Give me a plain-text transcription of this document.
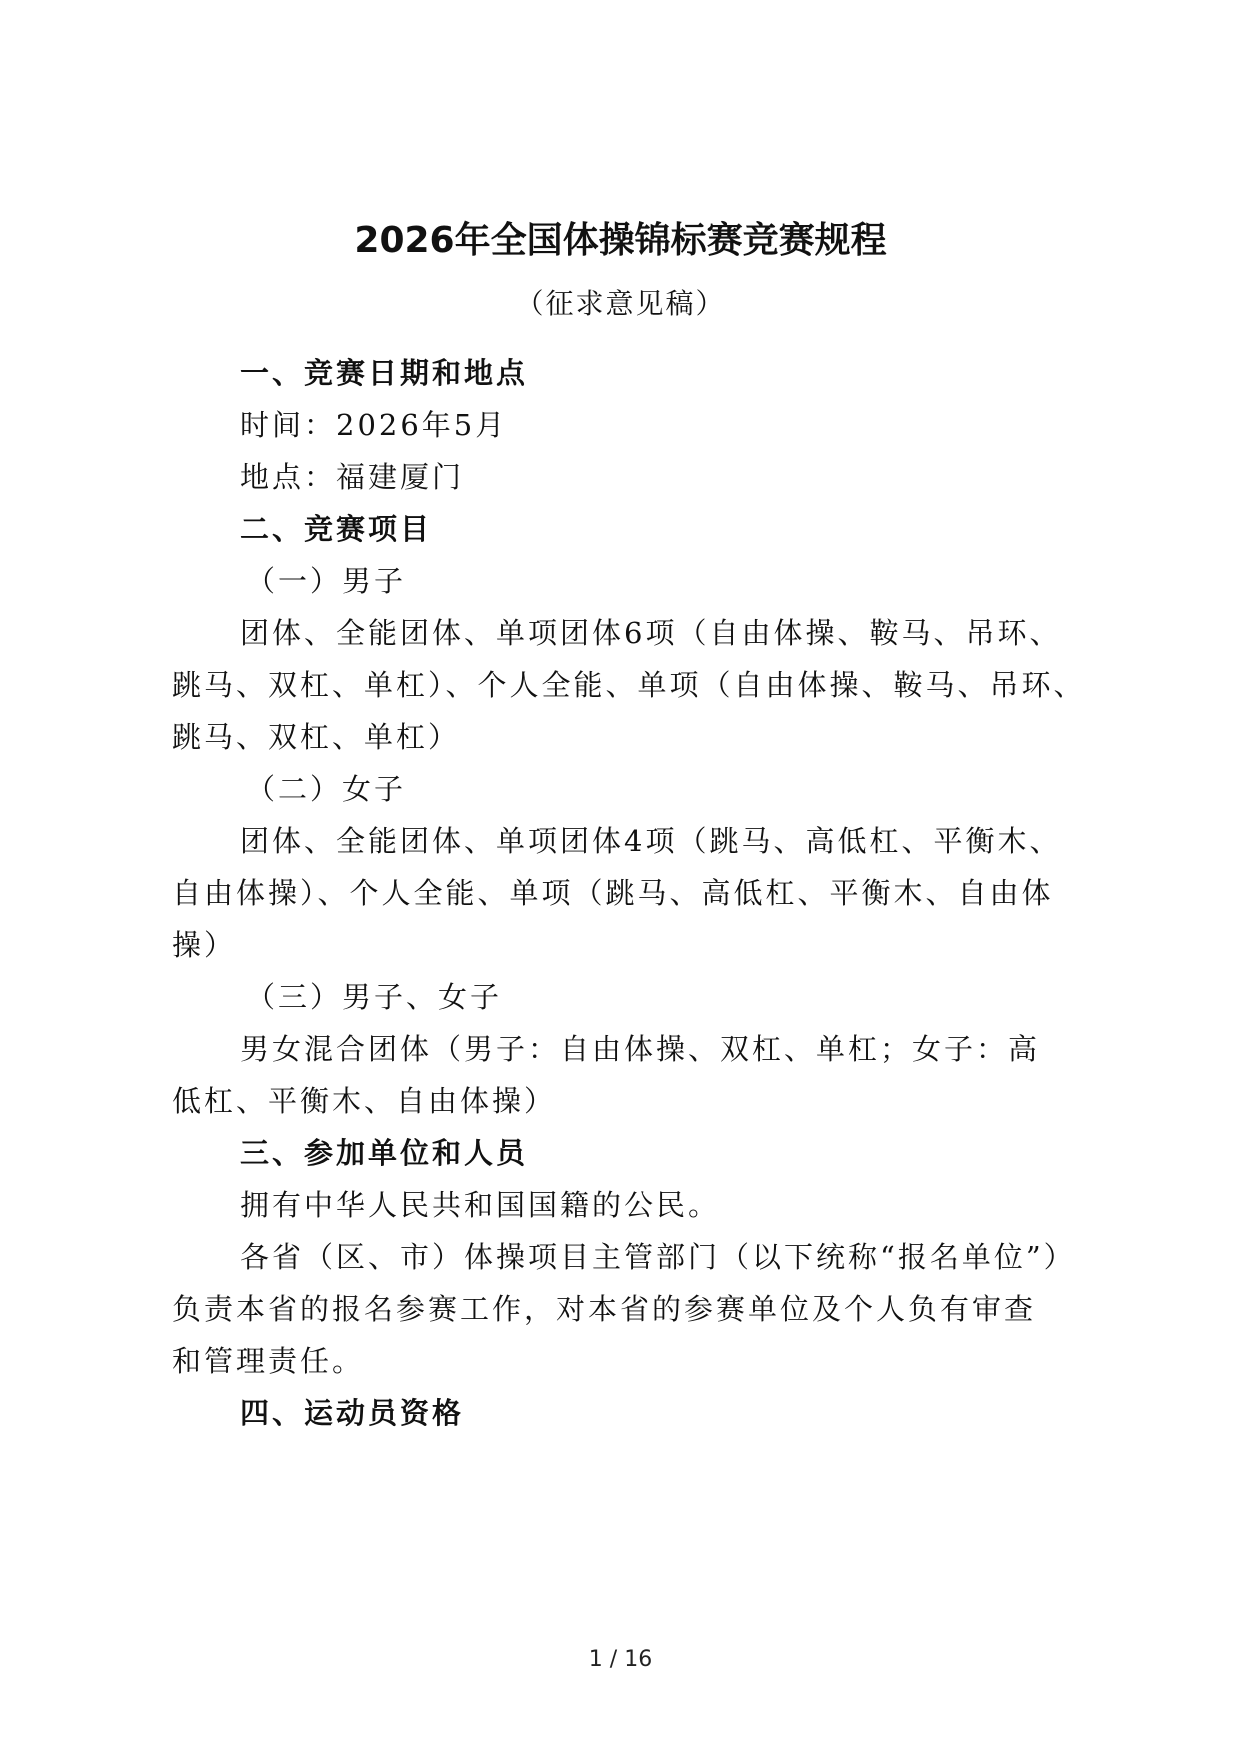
2026年全国体操锦标赛竞赛规程
（征求意见稿）
一、竞赛日期和地点
时间：2026年5月
地点：福建厦门
二、竞赛项目
（一）男子
团体、全能团体、单项团体6项（自由体操、鞍马、吊环、
跳马、双杠、单杠）、个人全能、单项（自由体操、鞍马、吊环、
跳马、双杠、单杠）
（二）女子
团体、全能团体、单项团体4项（跳马、高低杠、平衡木、
自由体操）、个人全能、单项（跳马、高低杠、平衡木、自由体
操）
（三）男子、女子
男女混合团体（男子：自由体操、双杠、单杠；女子：高
低杠、平衡木、自由体操）
三、参加单位和人员
拥有中华人民共和国国籍的公民。
各省（区、市）体操项目主管部门（以下统称“报名单位”）
负责本省的报名参赛工作，对本省的参赛单位及个人负有审查
和管理责任。
四、运动员资格
1 / 16
